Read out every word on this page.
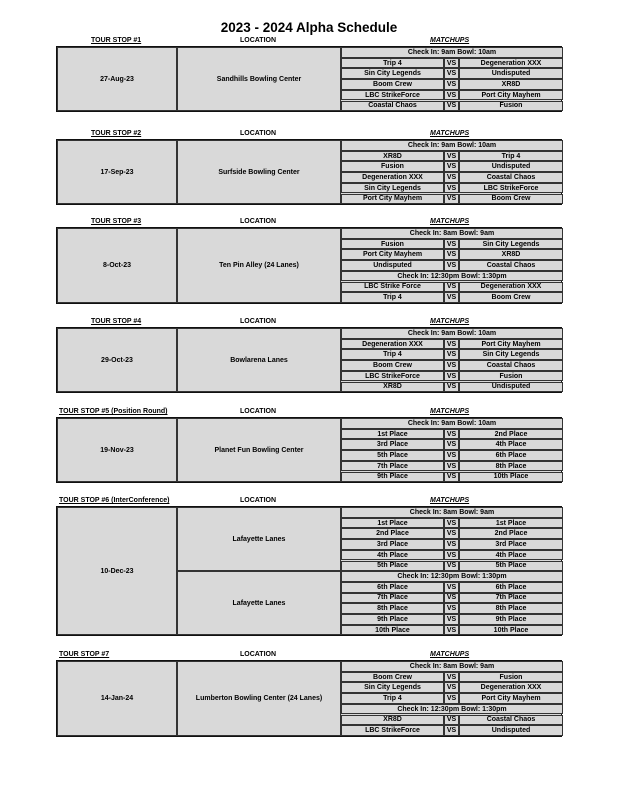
2023 - 2024 Alpha Schedule
TOUR STOP #1	LOCATION	MATCHUPS
27-Aug-23	Sandhills Bowling Center
Check In: 9am Bowl: 10am
Trip 4	VS	Degeneration XXX
Sin City Legends	VS	Undisputed
Boom Crew	VS	XR8D
LBC StrikeForce	VS	Port City Mayhem
Coastal Chaos	VS	Fusion
TOUR STOP #2	LOCATION	MATCHUPS
17-Sep-23	Surfside Bowling Center
Check In: 9am Bowl: 10am
XR8D	VS	Trip 4
Fusion	VS	Undisputed
Degeneration XXX	VS	Coastal Chaos
Sin City Legends	VS	LBC StrikeForce
Port City Mayhem	VS	Boom Crew
TOUR STOP #3	LOCATION	MATCHUPS
8-Oct-23	Ten Pin Alley (24 Lanes)
Check In: 8am Bowl: 9am
Fusion	VS	Sin City Legends
Port City Mayhem	VS	XR8D
Undisputed	VS	Coastal Chaos
Check In: 12:30pm Bowl: 1:30pm
LBC Strike Force	VS	Degeneration XXX
Trip 4	VS	Boom Crew
TOUR STOP #4	LOCATION	MATCHUPS
29-Oct-23	Bowlarena Lanes
Check In: 9am Bowl: 10am
Degeneration XXX	VS	Port City Mayhem
Trip 4	VS	Sin City Legends
Boom Crew	VS	Coastal Chaos
LBC StrikeForce	VS	Fusion
XR8D	VS	Undisputed
TOUR STOP #5 (Position Round)	LOCATION	MATCHUPS
19-Nov-23	Planet Fun Bowling Center
Check In: 9am Bowl: 10am
1st Place	VS	2nd Place
3rd Place	VS	4th Place
5th Place	VS	6th Place
7th Place	VS	8th Place
9th Place	VS	10th Place
TOUR STOP #6 (InterConference)	LOCATION	MATCHUPS
10-Dec-23
Lafayette Lanes
Lafayette Lanes
Check In: 8am Bowl: 9am
1st Place	VS	1st Place
2nd Place	VS	2nd Place
3rd Place	VS	3rd Place
4th Place	VS	4th Place
5th Place	VS	5th Place
Check In: 12:30pm Bowl: 1:30pm
6th Place	VS	6th Place
7th Place	VS	7th Place
8th Place	VS	8th Place
9th Place	VS	9th Place
10th Place	VS	10th Place
TOUR STOP #7	LOCATION	MATCHUPS
14-Jan-24	Lumberton Bowling Center (24 Lanes)
Check In: 8am Bowl: 9am
Boom Crew	VS	Fusion
Sin City Legends	VS	Degeneration XXX
Trip 4	VS	Port City Mayhem
Check In: 12:30pm Bowl: 1:30pm
XR8D	VS	Coastal Chaos
LBC StrikeForce	VS	Undisputed
